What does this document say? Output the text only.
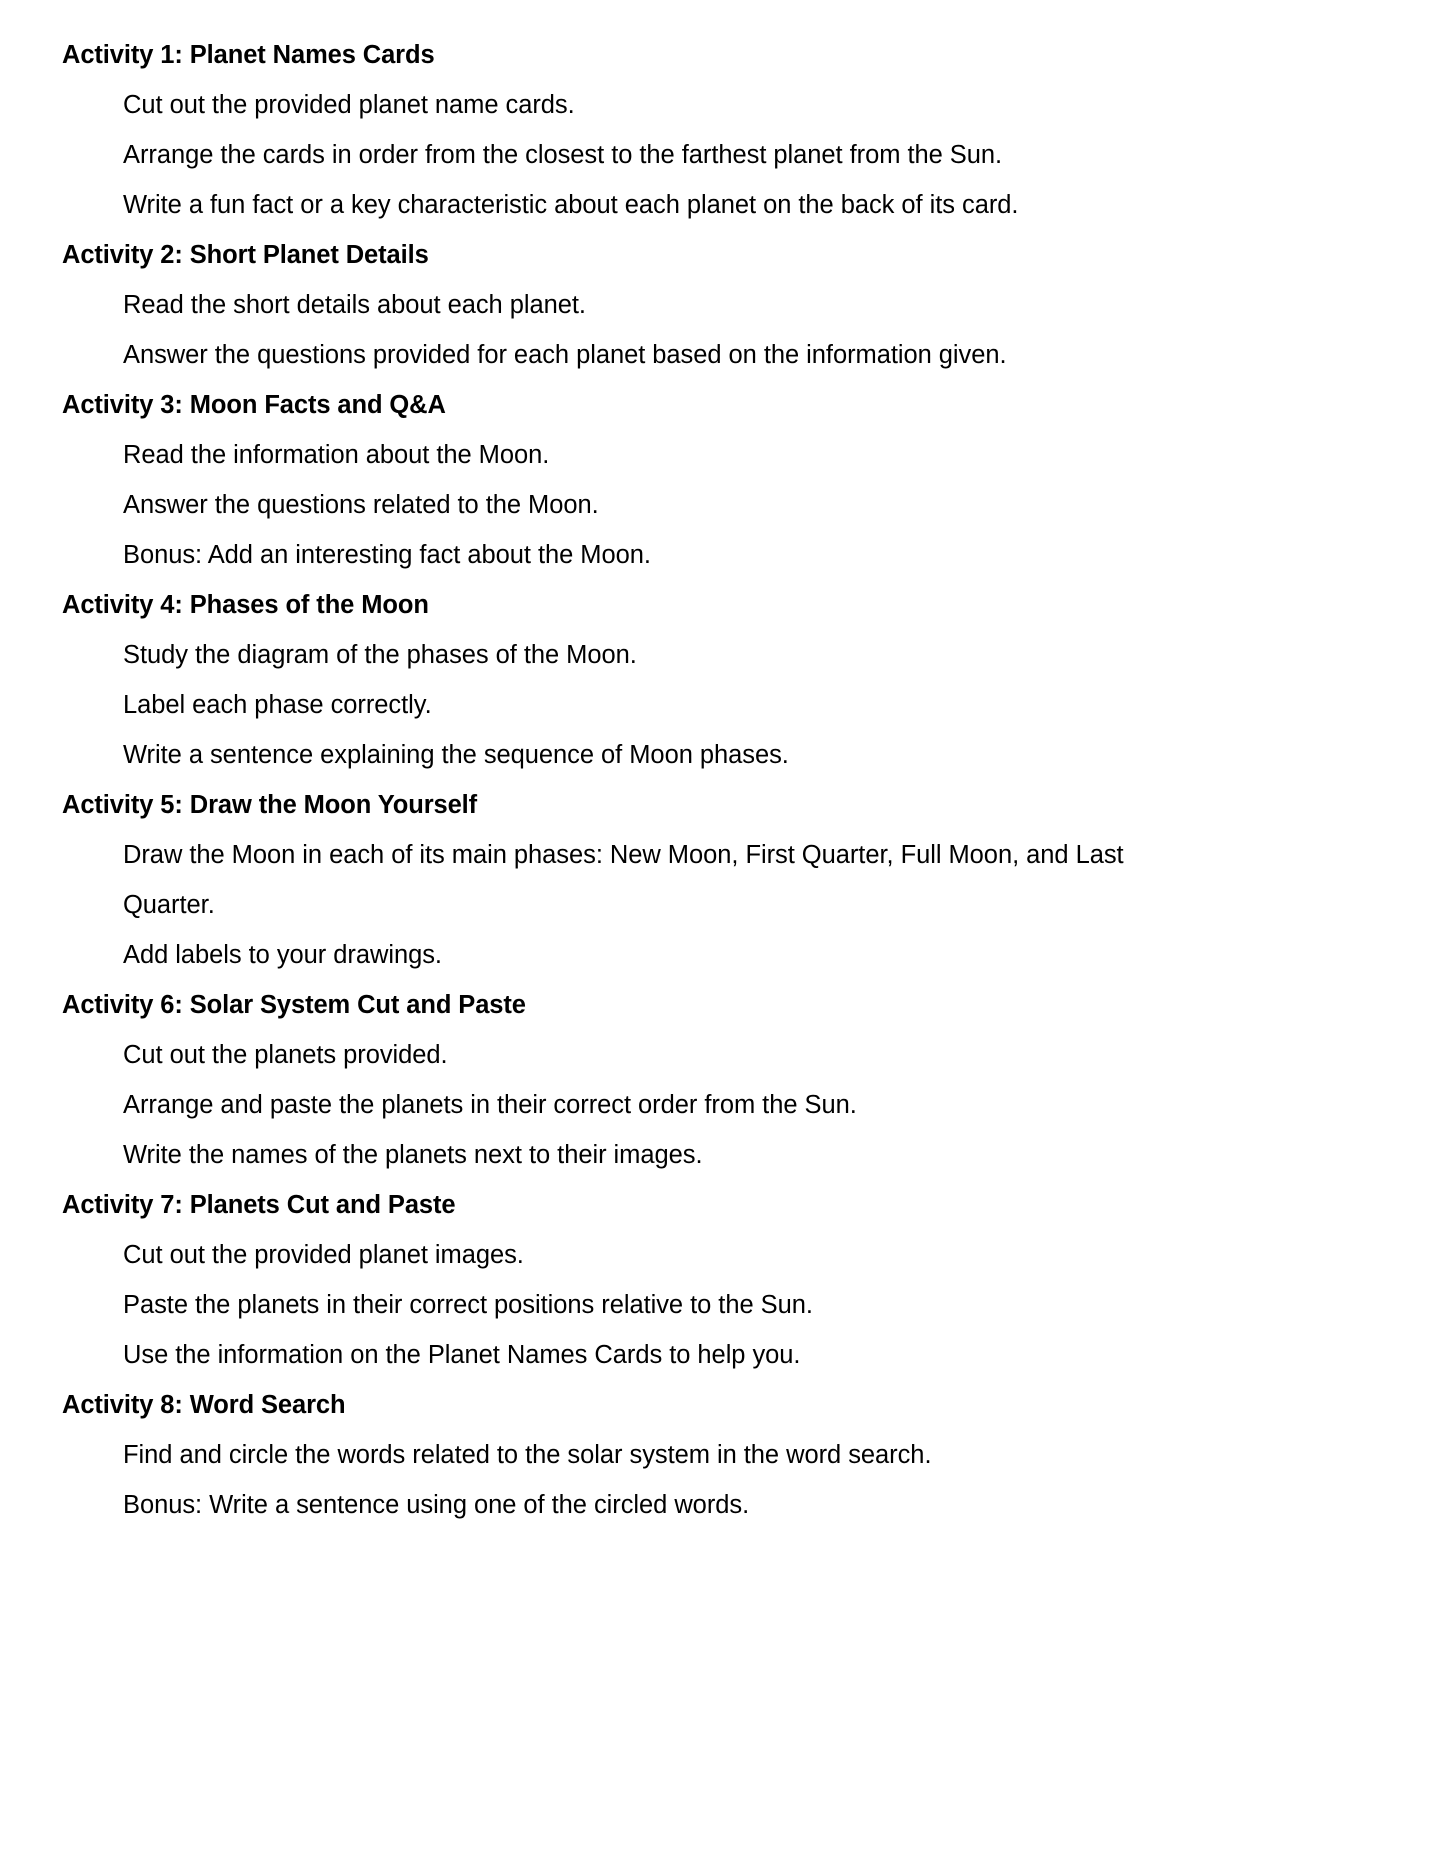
Activity 1: Planet Names Cards
Cut out the provided planet name cards.
Arrange the cards in order from the closest to the farthest planet from the Sun.
Write a fun fact or a key characteristic about each planet on the back of its card.
Activity 2: Short Planet Details
Read the short details about each planet.
Answer the questions provided for each planet based on the information given.
Activity 3: Moon Facts and Q&A
Read the information about the Moon.
Answer the questions related to the Moon.
Bonus: Add an interesting fact about the Moon.
Activity 4: Phases of the Moon
Study the diagram of the phases of the Moon.
Label each phase correctly.
Write a sentence explaining the sequence of Moon phases.
Activity 5: Draw the Moon Yourself
Draw the Moon in each of its main phases: New Moon, First Quarter, Full Moon, and Last Quarter.
Add labels to your drawings.
Activity 6: Solar System Cut and Paste
Cut out the planets provided.
Arrange and paste the planets in their correct order from the Sun.
Write the names of the planets next to their images.
Activity 7: Planets Cut and Paste
Cut out the provided planet images.
Paste the planets in their correct positions relative to the Sun.
Use the information on the Planet Names Cards to help you.
Activity 8: Word Search
Find and circle the words related to the solar system in the word search.
Bonus: Write a sentence using one of the circled words.
